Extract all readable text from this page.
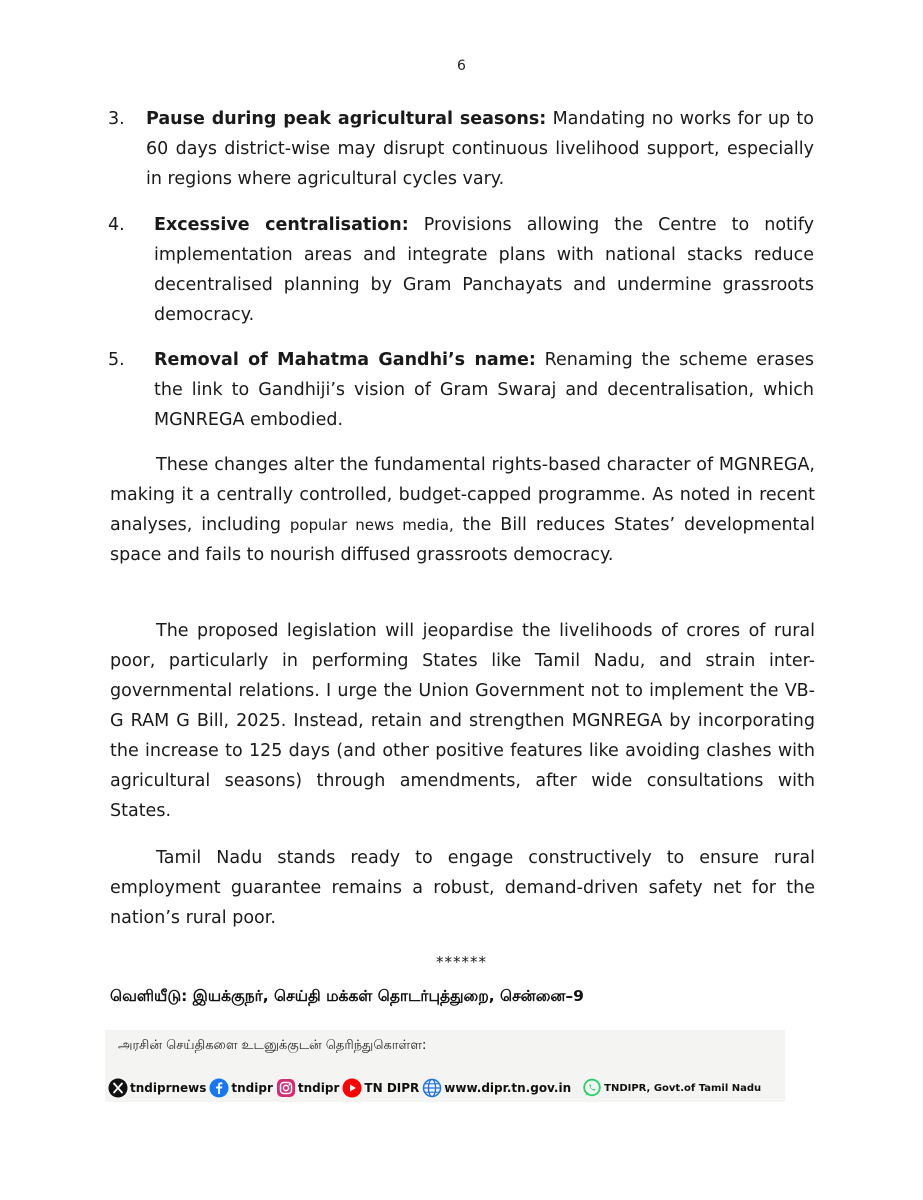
6
3.	Pause during peak agricultural seasons: Mandating no works for up to 60 days district-wise may disrupt continuous livelihood support, especially in regions where agricultural cycles vary.
4.	Excessive centralisation: Provisions allowing the Centre to notify implementation areas and integrate plans with national stacks reduce decentralised planning by Gram Panchayats and undermine grassroots democracy.
5.	Removal of Mahatma Gandhi’s name: Renaming the scheme erases the link to Gandhiji’s vision of Gram Swaraj and decentralisation, which MGNREGA embodied.
These changes alter the fundamental rights-based character of MGNREGA, making it a centrally controlled, budget-capped programme. As noted in recent analyses, including popular news media, the Bill reduces States’ developmental space and fails to nourish diffused grassroots democracy.
The proposed legislation will jeopardise the livelihoods of crores of rural poor, particularly in performing States like Tamil Nadu, and strain inter-governmental relations. I urge the Union Government not to implement the VB-G RAM G Bill, 2025. Instead, retain and strengthen MGNREGA by incorporating the increase to 125 days (and other positive features like avoiding clashes with agricultural seasons) through amendments, after wide consultations with States.
Tamil Nadu stands ready to engage constructively to ensure rural employment guarantee remains a robust, demand-driven safety net for the nation’s rural poor.
******
வெளியீடு: இயக்குநர், செய்தி மக்கள் தொடர்புத்துறை, சென்னை–9
அரசின் செய்திகளை உடனுக்குடன் தெரிந்துகொள்ள:
tndiprnews tndipr tndipr TN DIPR www.dipr.tn.gov.in	TNDIPR, Govt.of Tamil Nadu
